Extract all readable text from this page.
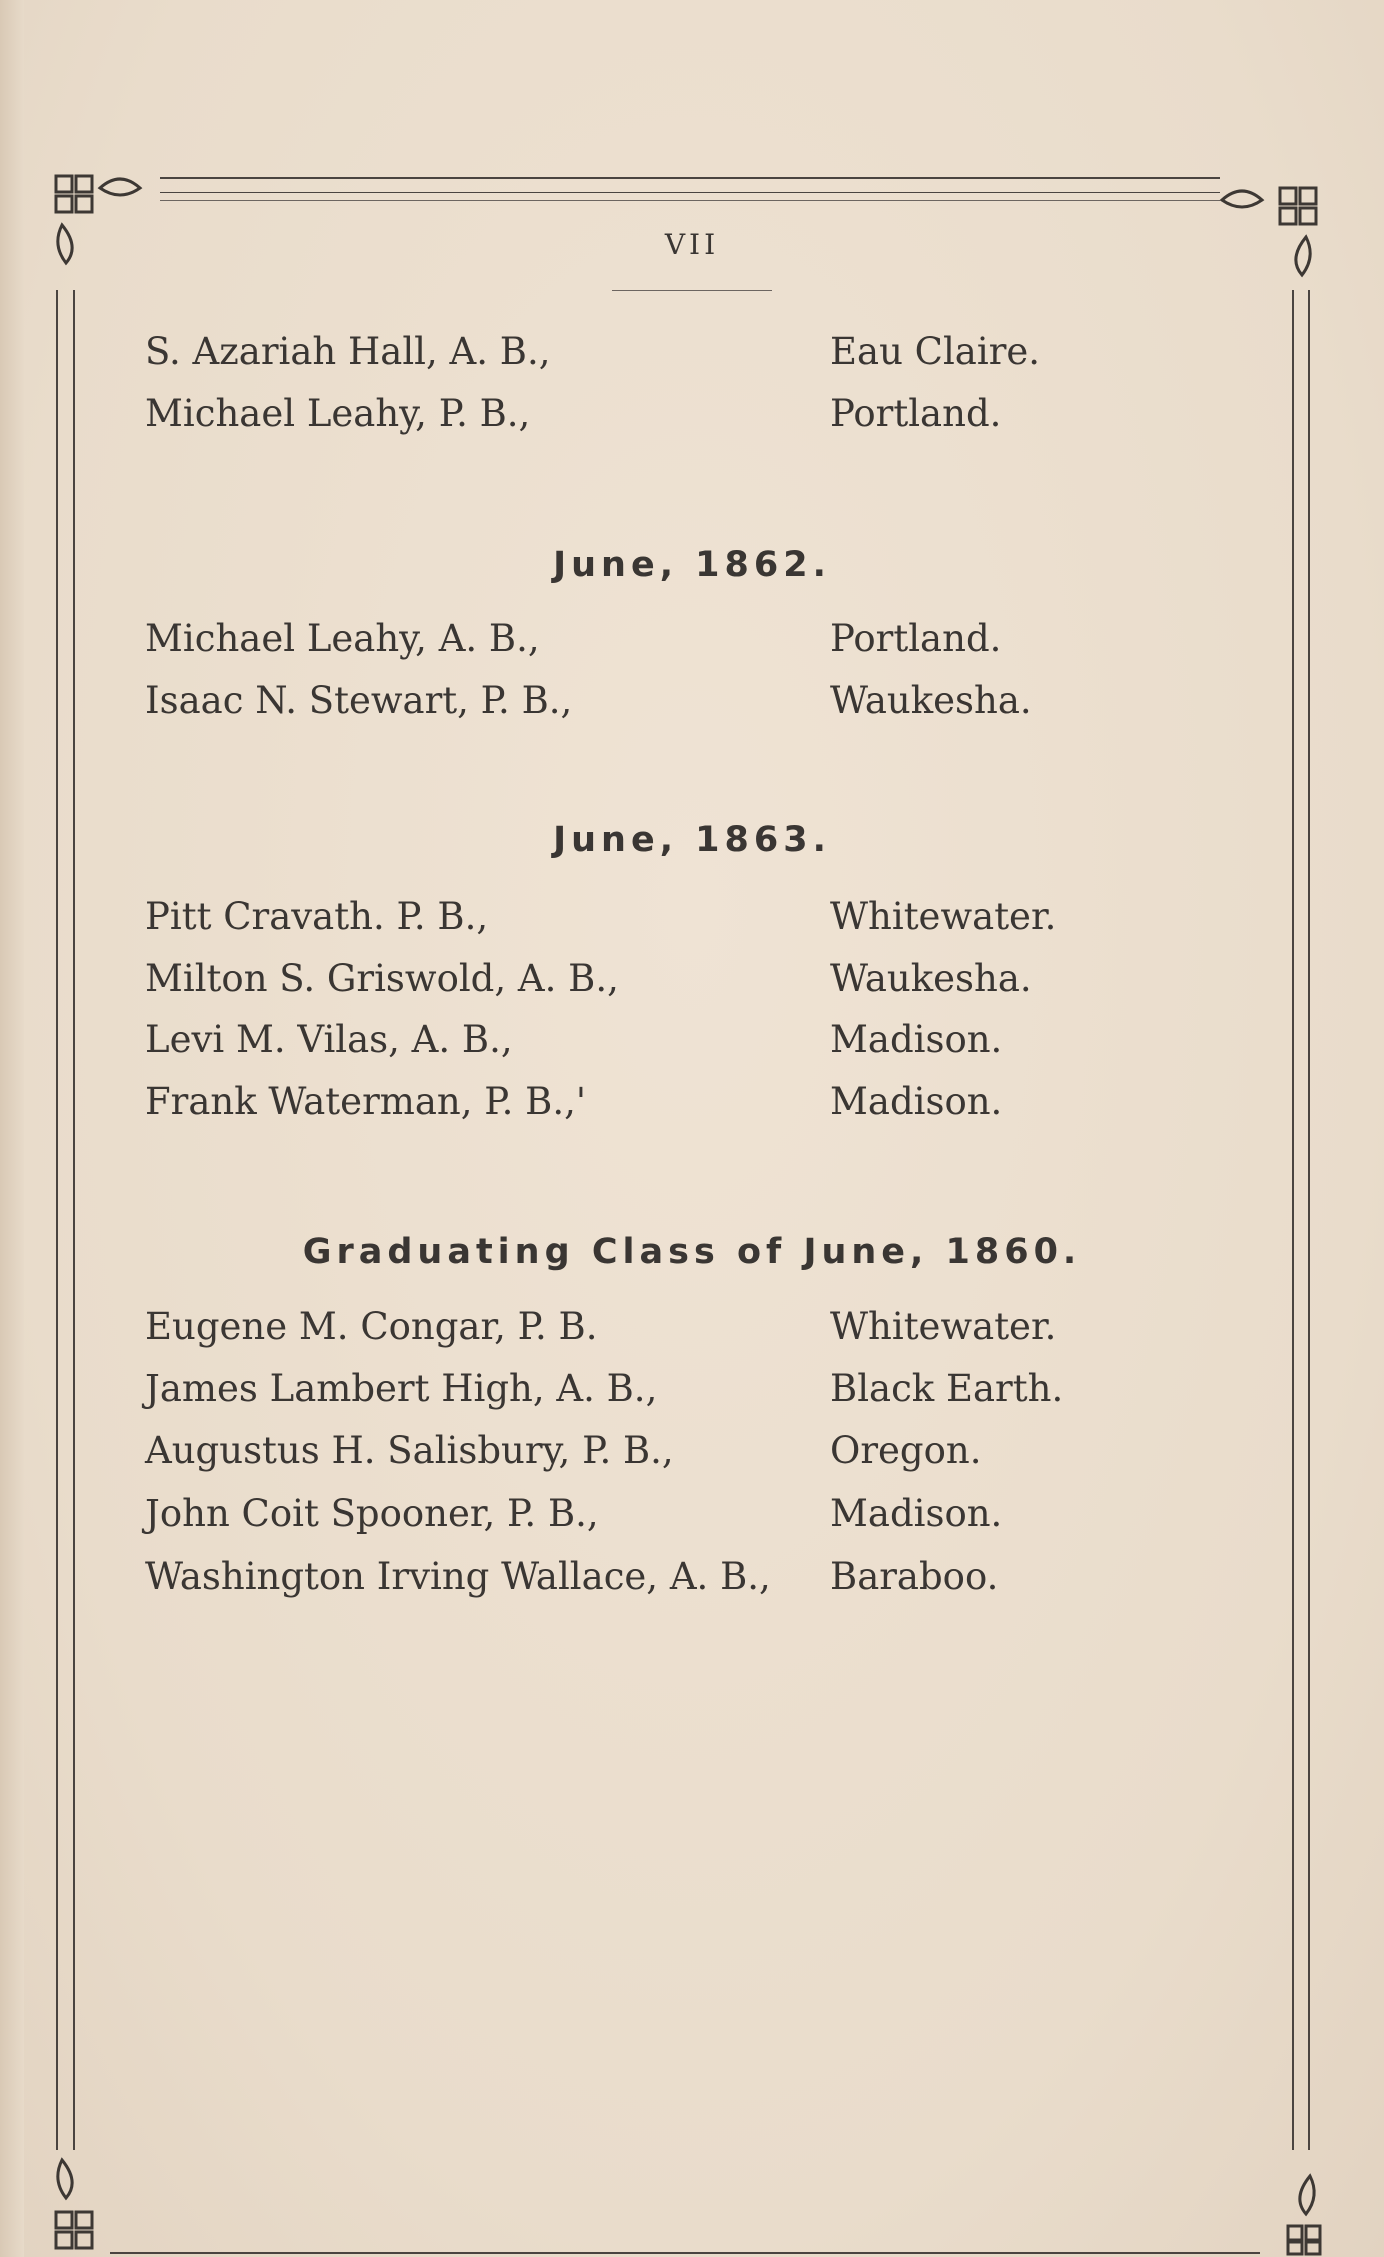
VII
S. Azariah Hall, A. B.,	Eau Claire.
Michael Leahy, P. B.,	Portland.
June, 1862.
Michael Leahy, A. B.,	Portland.
Isaac N. Stewart, P. B.,	Waukesha.
June, 1863.
Pitt Cravath. P. B.,	Whitewater.
Milton S. Griswold, A. B.,	Waukesha.
Levi M. Vilas, A. B.,	Madison.
Frank Waterman, P. B.,'	Madison.
Graduating Class of June, 1860.
Eugene M. Congar, P. B.	Whitewater.
James Lambert High, A. B.,	Black Earth.
Augustus H. Salisbury, P. B.,	Oregon.
John Coit Spooner, P. B.,	Madison.
Washington Irving Wallace, A. B., Baraboo.
